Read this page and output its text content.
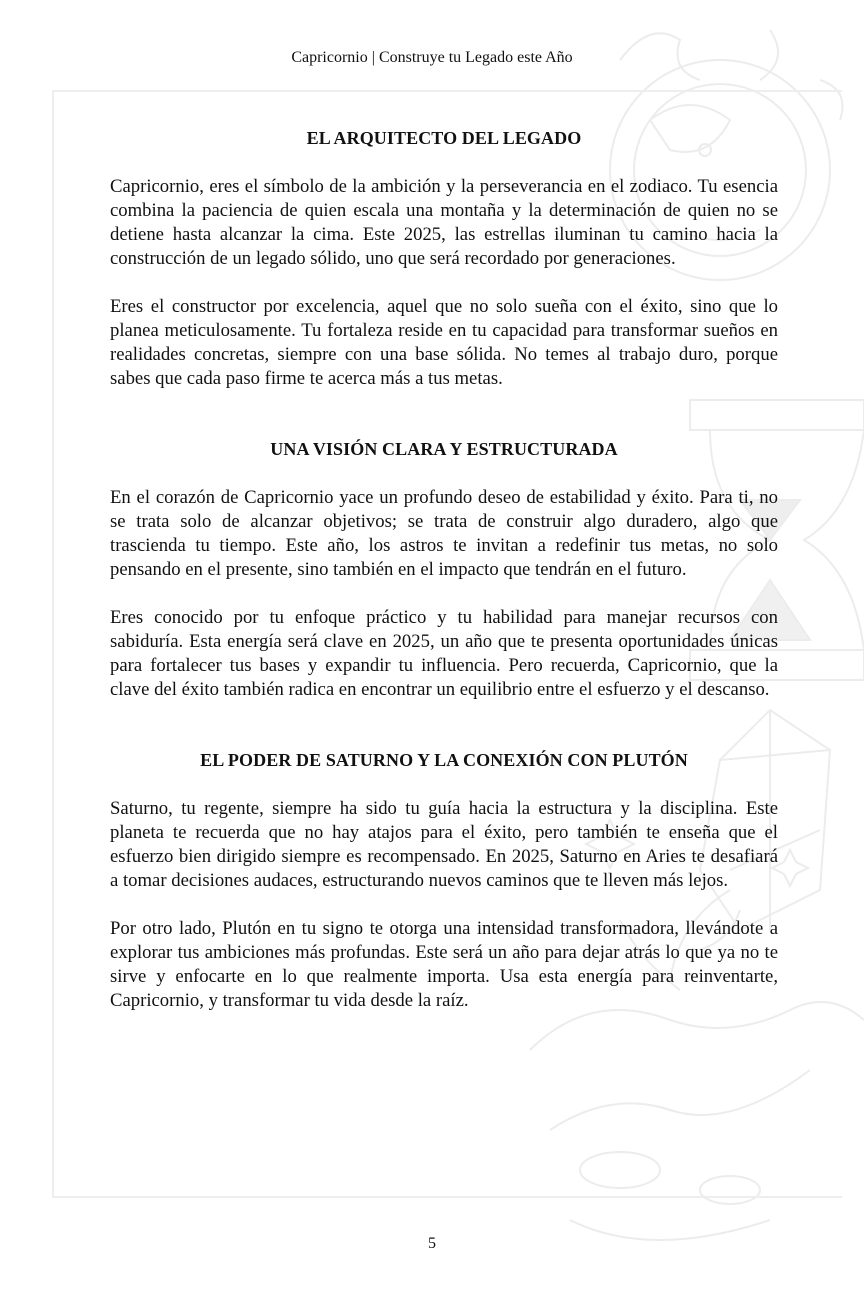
Capricornio | Construye tu Legado este Año
EL ARQUITECTO DEL LEGADO

Capricornio, eres el símbolo de la ambición y la perseverancia en el zodiaco. Tu esencia combina la paciencia de quien escala una montaña y la determinación de quien no se detiene hasta alcanzar la cima. Este 2025, las estrellas iluminan tu camino hacia la construcción de un legado sólido, uno que será recordado por generaciones.

Eres el constructor por excelencia, aquel que no solo sueña con el éxito, sino que lo planea meticulosamente. Tu fortaleza reside en tu capacidad para transformar sueños en realidades concretas, siempre con una base sólida. No temes al trabajo duro, porque sabes que cada paso firme te acerca más a tus metas.

UNA VISIÓN CLARA Y ESTRUCTURADA

En el corazón de Capricornio yace un profundo deseo de estabilidad y éxito. Para ti, no se trata solo de alcanzar objetivos; se trata de construir algo duradero, algo que trascienda tu tiempo. Este año, los astros te invitan a redefinir tus metas, no solo pensando en el presente, sino también en el impacto que tendrán en el futuro.

Eres conocido por tu enfoque práctico y tu habilidad para manejar recursos con sabiduría. Esta energía será clave en 2025, un año que te presenta oportunidades únicas para fortalecer tus bases y expandir tu influencia. Pero recuerda, Capricornio, que la clave del éxito también radica en encontrar un equilibrio entre el esfuerzo y el descanso.

EL PODER DE SATURNO Y LA CONEXIÓN CON PLUTÓN

Saturno, tu regente, siempre ha sido tu guía hacia la estructura y la disciplina. Este planeta te recuerda que no hay atajos para el éxito, pero también te enseña que el esfuerzo bien dirigido siempre es recompensado. En 2025, Saturno en Aries te desafiará a tomar decisiones audaces, estructurando nuevos caminos que te lleven más lejos.

Por otro lado, Plutón en tu signo te otorga una intensidad transformadora, llevándote a explorar tus ambiciones más profundas. Este será un año para dejar atrás lo que ya no te sirve y enfocarte en lo que realmente importa. Usa esta energía para reinventarte, Capricornio, y transformar tu vida desde la raíz.

5
